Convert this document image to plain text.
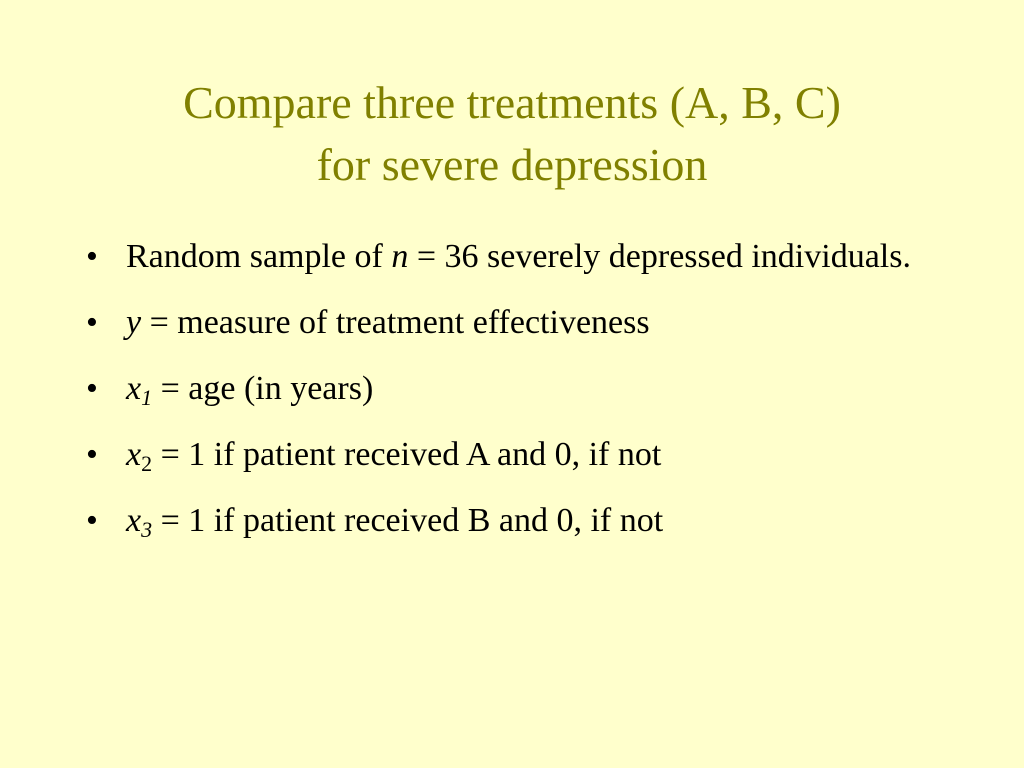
Compare three treatments (A, B, C)
for severe depression
• Random sample of n = 36 severely depressed individuals.
• y = measure of treatment effectiveness
• $x_1$ = age (in years)
• $x_2 = 1$ if patient received A and 0, if not
• $x_3 = 1$ if patient received B and 0, if not
